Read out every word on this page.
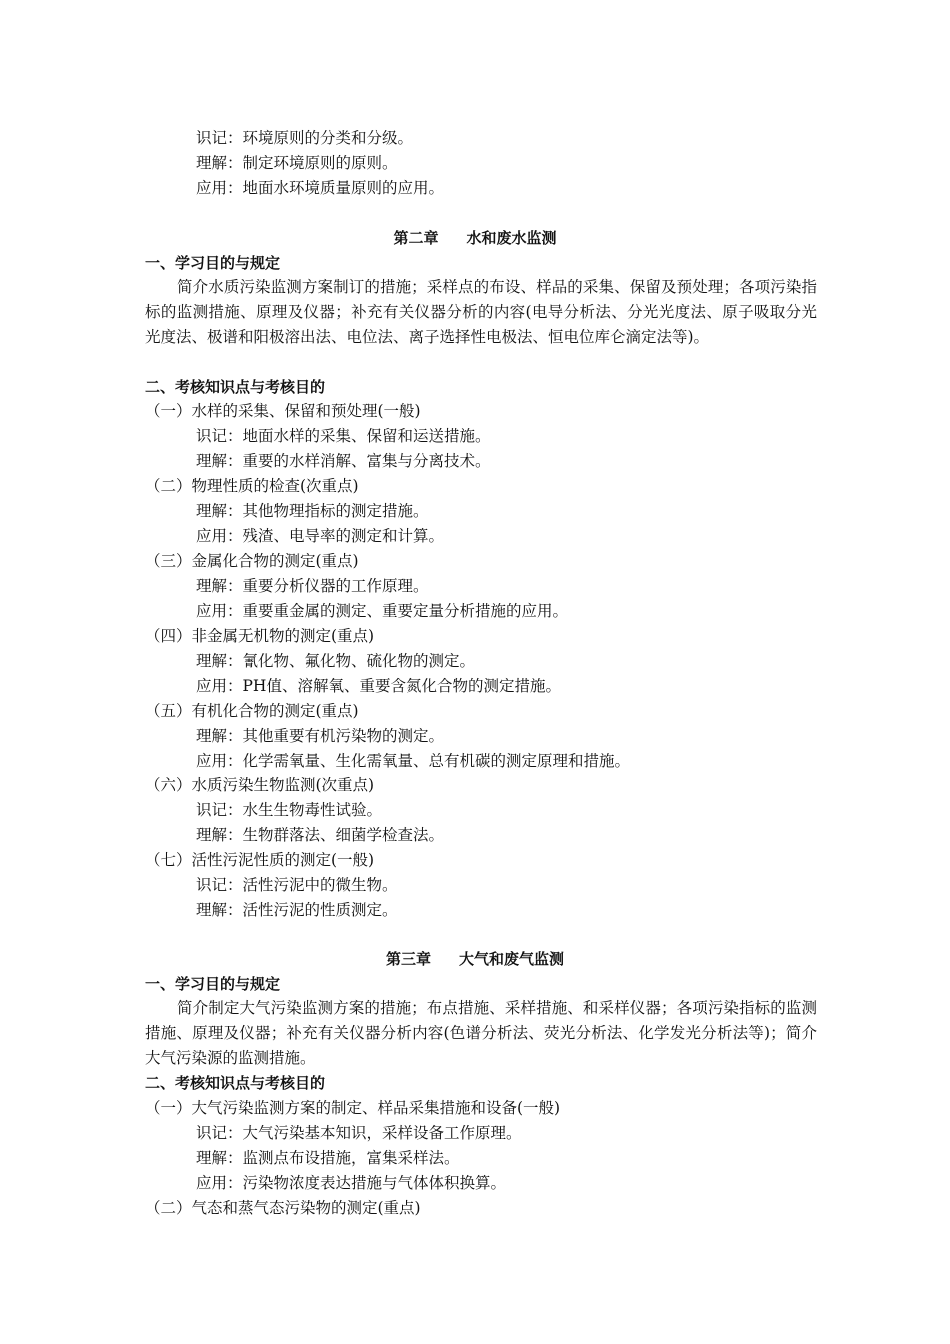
识记：环境原则的分类和分级。
理解：制定环境原则的原则。
应用：地面水环境质量原则的应用。
第二章 水和废水监测
一、学习目的与规定
简介水质污染监测方案制订的措施；采样点的布设、样品的采集、保留及预处理；各项污染指标的监测措施、原理及仪器；补充有关仪器分析的内容(电导分析法、分光光度法、原子吸取分光光度法、极谱和阳极溶出法、电位法、离子选择性电极法、恒电位库仑滴定法等)。
二、考核知识点与考核目的
（一）水样的采集、保留和预处理(一般)
识记：地面水样的采集、保留和运送措施。
理解：重要的水样消解、富集与分离技术。
（二）物理性质的检查(次重点)
理解：其他物理指标的测定措施。
应用：残渣、电导率的测定和计算。
（三）金属化合物的测定(重点)
理解：重要分析仪器的工作原理。
应用：重要重金属的测定、重要定量分析措施的应用。
（四）非金属无机物的测定(重点)
理解：氰化物、氟化物、硫化物的测定。
应用：PH值、溶解氧、重要含氮化合物的测定措施。
（五）有机化合物的测定(重点)
理解：其他重要有机污染物的测定。
应用：化学需氧量、生化需氧量、总有机碳的测定原理和措施。
（六）水质污染生物监测(次重点)
识记：水生生物毒性试验。
理解：生物群落法、细菌学检查法。
（七）活性污泥性质的测定(一般)
识记：活性污泥中的微生物。
理解：活性污泥的性质测定。
第三章 大气和废气监测
一、学习目的与规定
简介制定大气污染监测方案的措施；布点措施、采样措施、和采样仪器；各项污染指标的监测措施、原理及仪器；补充有关仪器分析内容(色谱分析法、荧光分析法、化学发光分析法等)；简介大气污染源的监测措施。
二、考核知识点与考核目的
（一）大气污染监测方案的制定、样品采集措施和设备(一般)
识记：大气污染基本知识，采样设备工作原理。
理解：监测点布设措施，富集采样法。
应用：污染物浓度表达措施与气体体积换算。
（二）气态和蒸气态污染物的测定(重点)
